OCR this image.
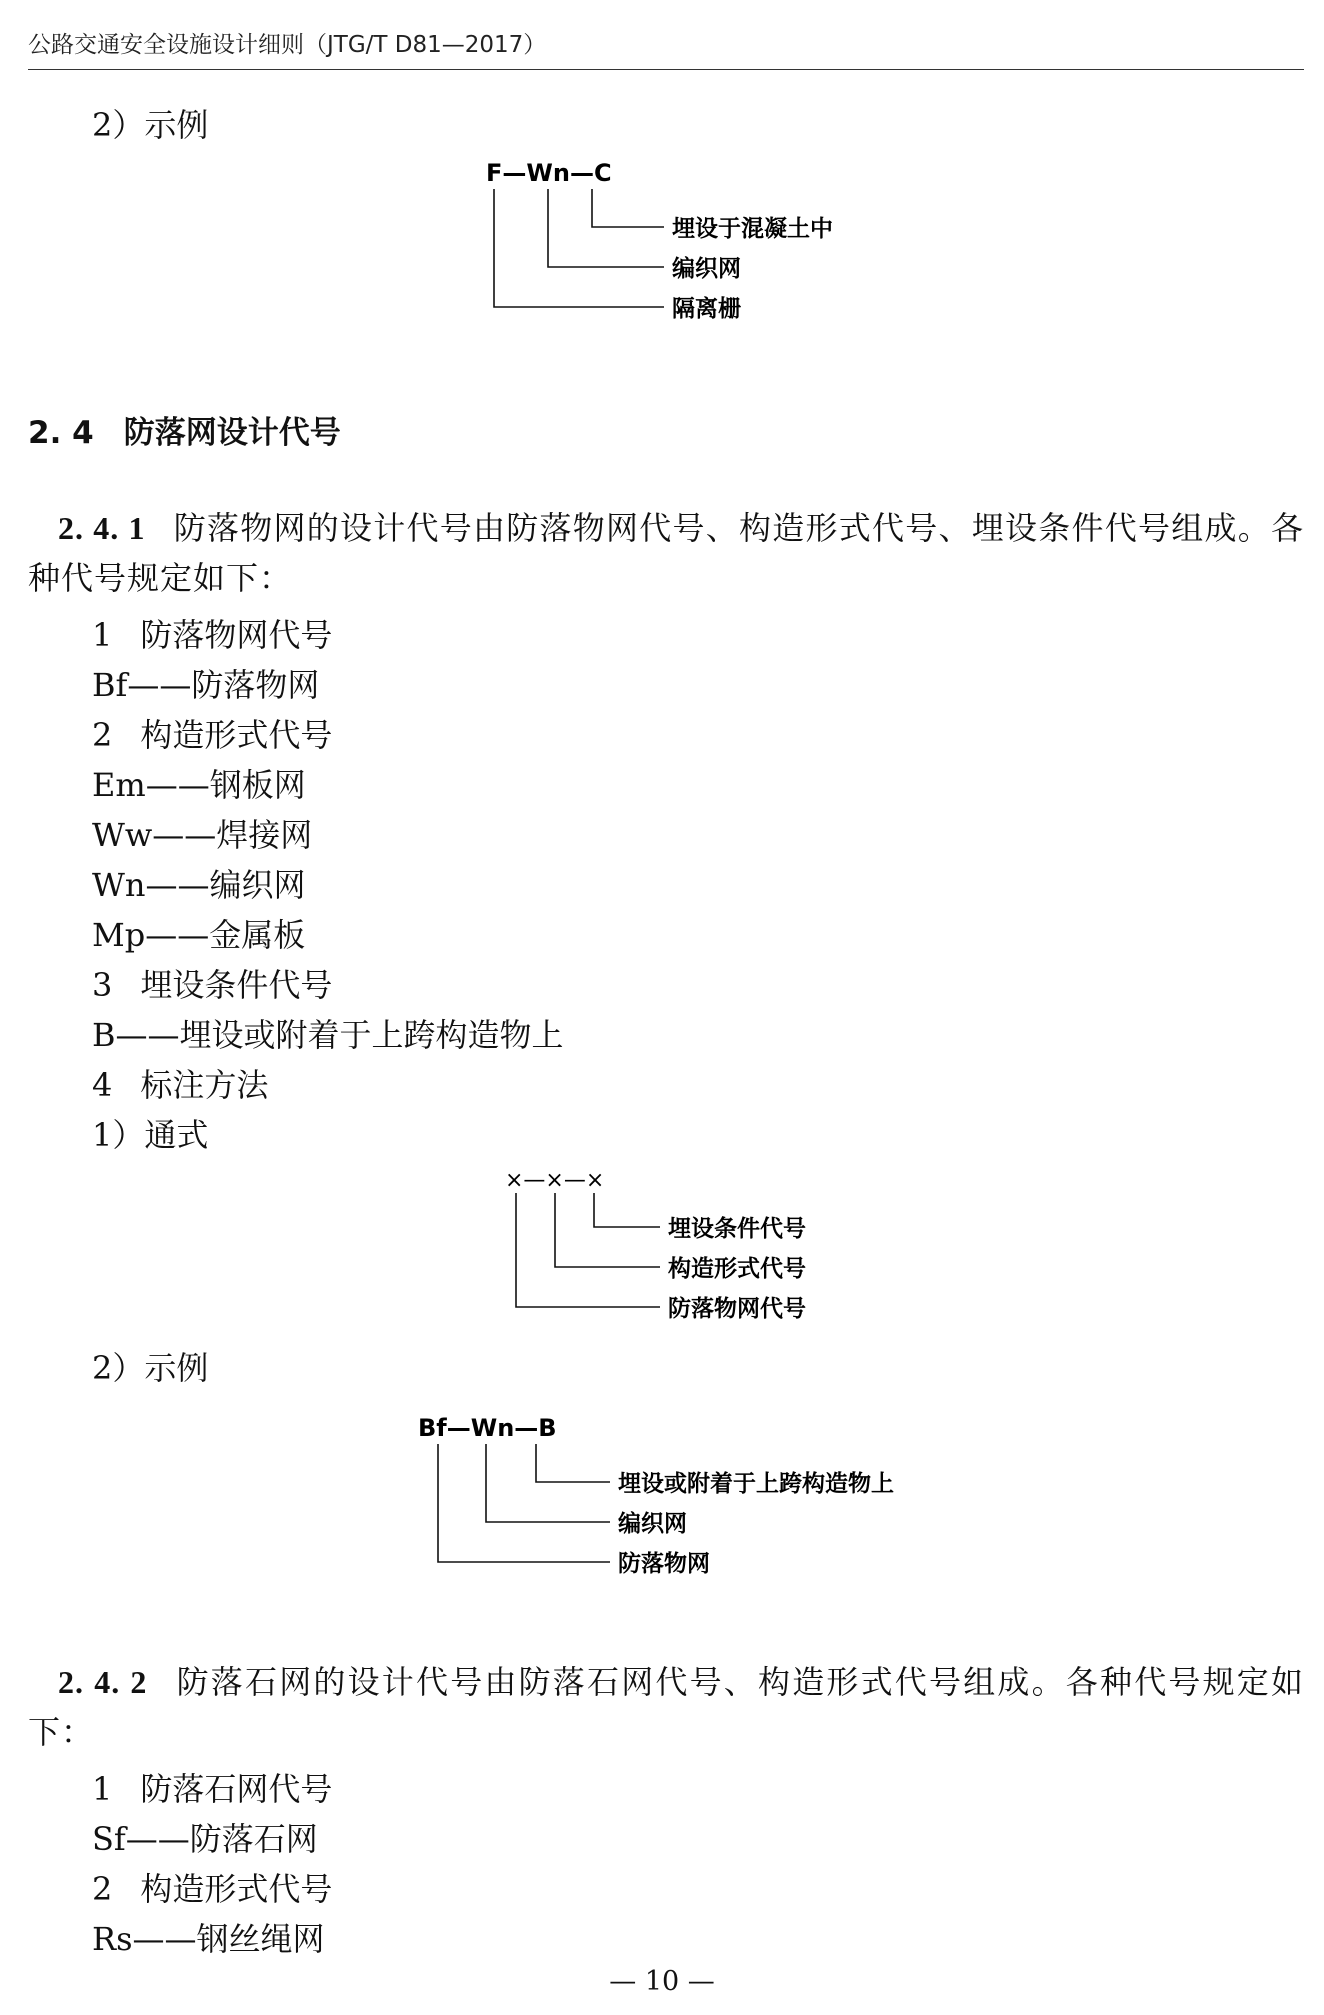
公路交通安全设施设计细则（JTG/T D81—2017）
2）示例
F—Wn—C
埋设于混凝土中
编织网
隔离栅
2. 4 防落网设计代号
2. 4. 1 防落物网的设计代号由防落物网代号、构造形式代号、埋设条件代号组成。各种代号规定如下：
1 防落物网代号
Bf——防落物网
2 构造形式代号
Em——钢板网
Ww——焊接网
Wn——编织网
Mp——金属板
3 埋设条件代号
B——埋设或附着于上跨构造物上
4 标注方法
1）通式
×—×—×
埋设条件代号
构造形式代号
防落物网代号
2）示例
Bf—Wn—B
埋设或附着于上跨构造物上
编织网
防落物网
2. 4. 2 防落石网的设计代号由防落石网代号、构造形式代号组成。各种代号规定如下：
1 防落石网代号
Sf——防落石网
2 构造形式代号
Rs——钢丝绳网
— 10 —
